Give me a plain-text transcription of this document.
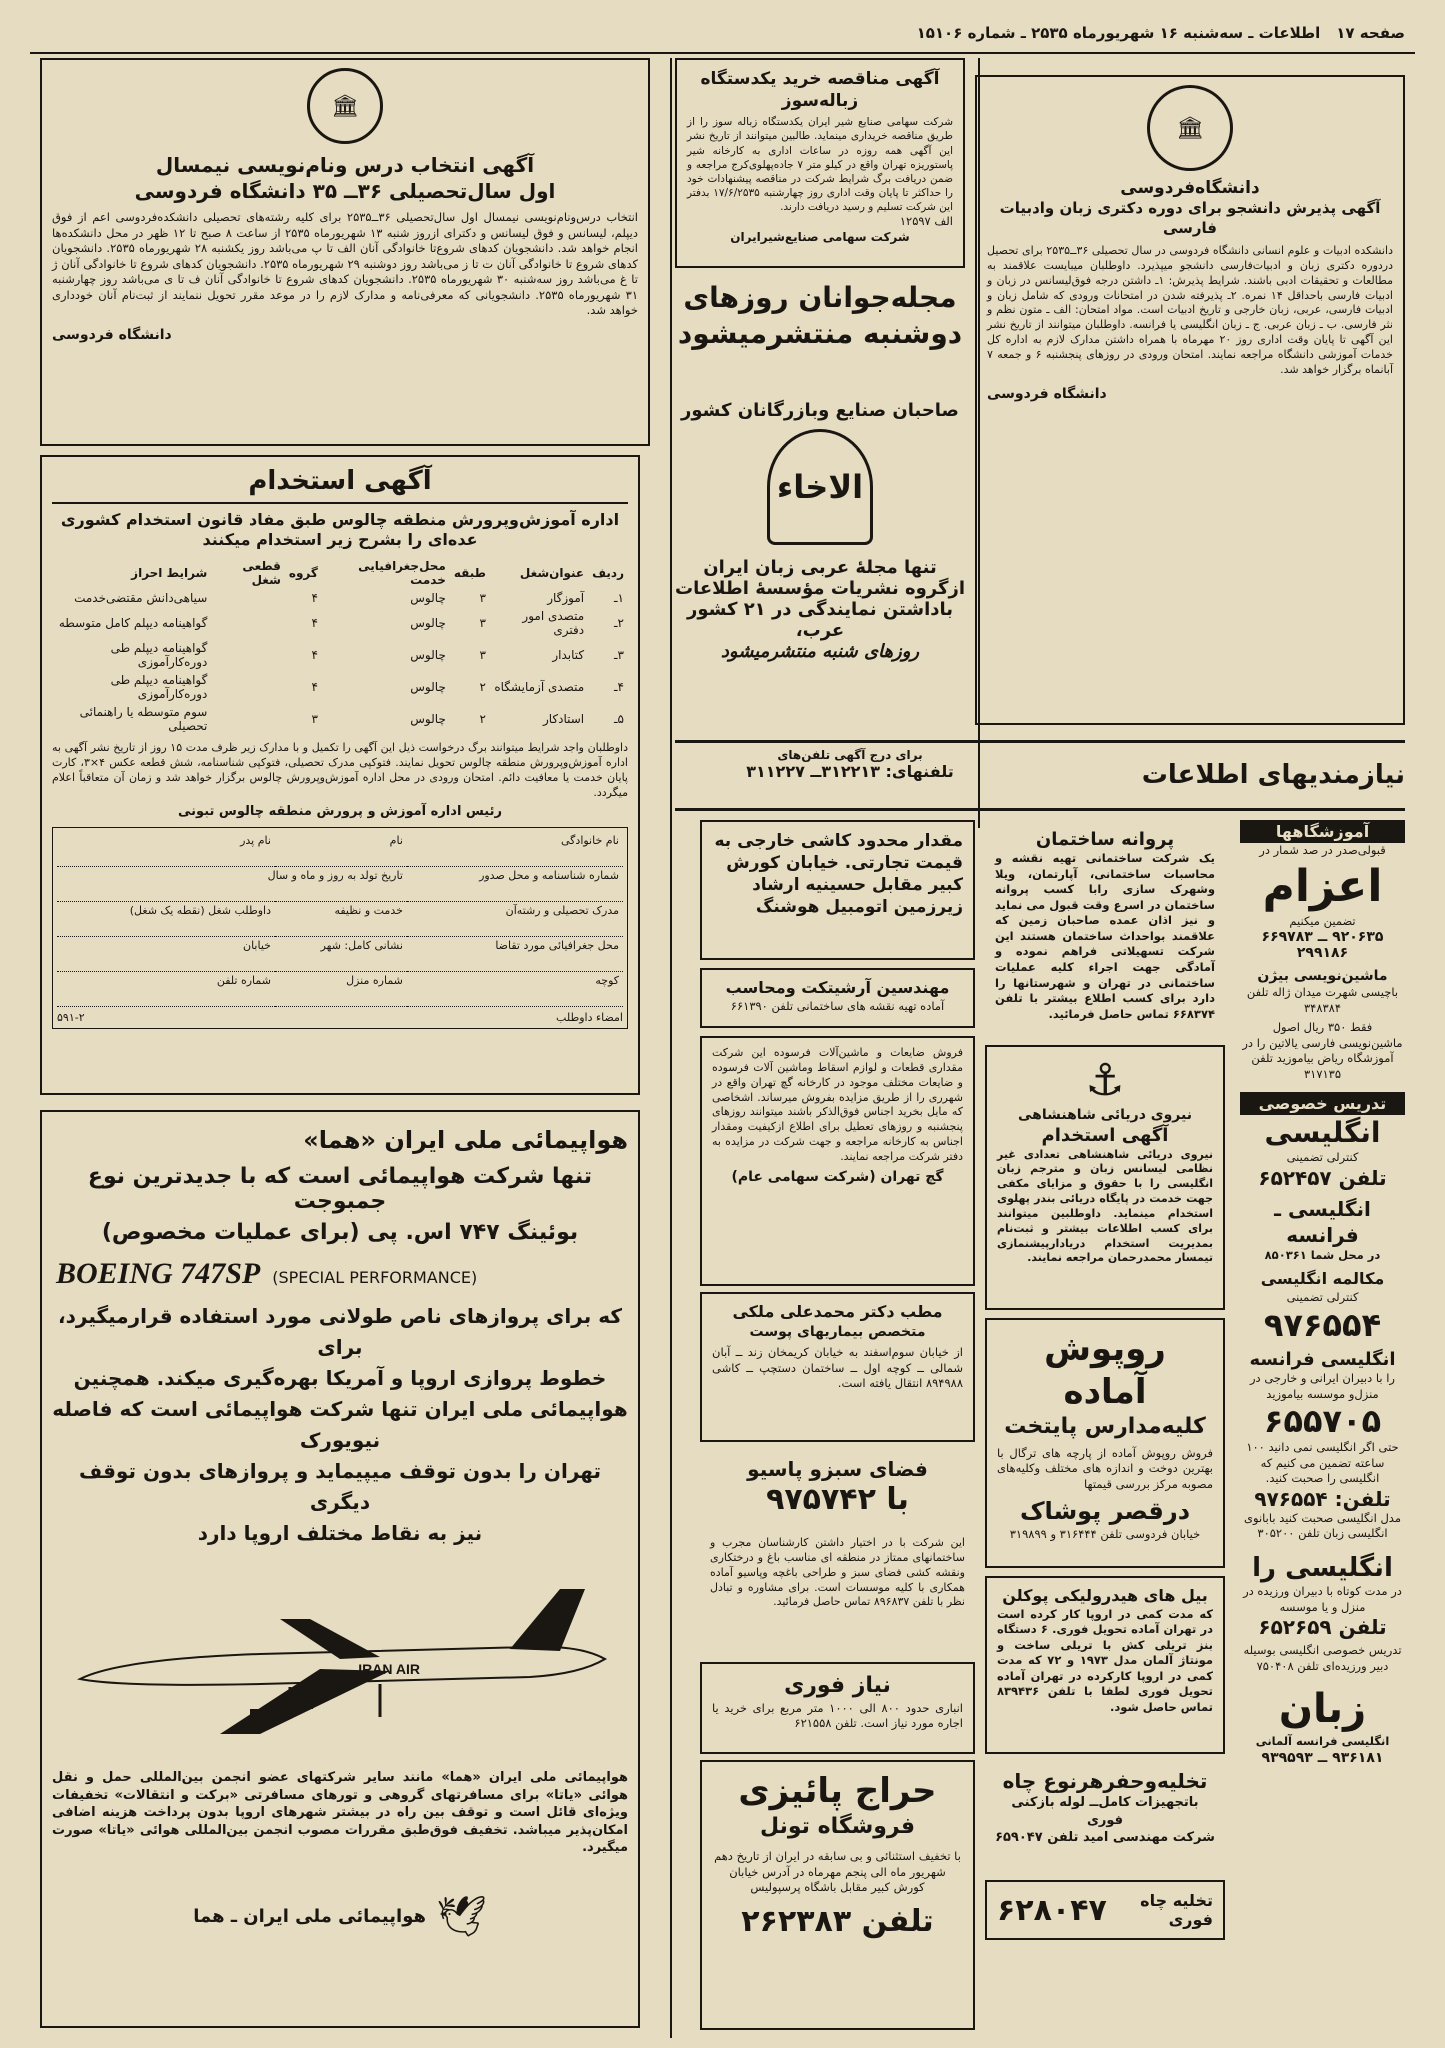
صفحه ۱۷
اطلاعات ـ سه‌شنبه ۱۶ شهریورماه ۲۵۳۵ ـ شماره ۱۵۱۰۶
🏛
آگهی انتخاب درس ونام‌نویسی نیمسال
اول سال‌تحصیلی ۳۶ــ ۳۵ دانشگاه فردوسی
انتخاب درس‌ونام‌نویسی نیمسال اول سال‌تحصیلی ۳۶ــ۲۵۳۵ برای کلیه رشته‌های تحصیلی دانشکده‌فردوسی اعم از فوق دیپلم، لیسانس و فوق لیسانس و دکترای ازروز شنبه ۱۳ شهریورماه ۲۵۳۵ از ساعت ۸ صبح تا ۱۲ ظهر در محل دانشکده‌ها انجام خواهد شد. دانشجویان کدهای شروع‌تا خانوادگی آنان الف تا پ می‌باشد روز یکشنبه ۲۸ شهریورماه ۲۵۳۵. دانشجویان کدهای شروع تا خانوادگی آنان ت تا ز می‌باشد روز دوشنبه ۲۹ شهریورماه ۲۵۳۵. دانشجویان کدهای شروع تا خانوادگی آنان ژ تا غ می‌باشد روز سه‌شنبه ۳۰ شهریورماه ۲۵۳۵. دانشجویان کدهای شروع تا خانوادگی آنان ف تا ی می‌باشد روز چهارشنبه ۳۱ شهریورماه ۲۵۳۵. دانشجویانی که معرفی‌نامه و مدارک لازم را در موعد مقرر تحویل ننمایند از ثبت‌نام آنان خودداری خواهد شد.
دانشگاه فردوسی
آگهی مناقصه خرید یکدستگاه
زباله‌سوز
شرکت سهامی صنایع شیر ایران یکدستگاه زباله سوز را از طریق مناقصه خریداری مینماید. طالبین میتوانند از تاریخ نشر این آگهی همه روزه در ساعات اداری به کارخانه شیر پاستوریزه تهران واقع در کیلو متر ۷ جاده‌پهلوی‌کرج مراجعه و ضمن دریافت برگ شرایط شرکت در مناقصه پیشنهادات خود را حداکثر تا پایان وقت اداری روز چهارشنبه ۱۷/۶/۲۵۳۵ بدفتر این شرکت تسلیم و رسید دریافت دارند.
الف ۱۲۵۹۷
شرکت سهامی صنایع‌شیرایران
مجله‌جوانان روزهای
دوشنبه منتشرمیشود
صاحبان صنایع وبازرگانان کشور
الاخاء
تنها مجلهٔ عربی زبان ایران
ازگروه نشریات مؤسسهٔ اطلاعات
باداشتن نمایندگی در ۲۱ کشور عرب،
روزهای شنبه منتشرمیشود
🏛
دانشگاه‌فردوسی
آگهی پذیرش دانشجو برای دوره دکتری زبان وادبیات فارسی
دانشکده ادبیات و علوم انسانی دانشگاه فردوسی در سال تحصیلی ۳۶ــ۲۵۳۵ برای تحصیل دردوره دکتری زبان و ادبیات‌فارسی دانشجو میپذیرد. داوطلبان میبایست علاقمند به مطالعات و تحقیقات ادبی باشند. شرایط پذیرش: ۱ـ داشتن درجه فوق‌لیسانس در زبان و ادبیات فارسی باحداقل ۱۴ نمره. ۲ـ پذیرفته شدن در امتحانات ورودی که شامل زبان و ادبیات فارسی، عربی، زبان خارجی و تاریخ ادبیات است. مواد امتحان: الف ـ متون نظم و نثر فارسی. ب ـ زبان عربی. ج ـ زبان انگلیسی یا فرانسه. داوطلبان میتوانند از تاریخ نشر این آگهی تا پایان وقت اداری روز ۲۰ مهرماه با همراه داشتن مدارک لازم به اداره کل خدمات آموزشی دانشگاه مراجعه نمایند. امتحان ورودی در روزهای پنجشنبه ۶ و جمعه ۷ آبانماه برگزار خواهد شد.
دانشگاه فردوسی
آگهی استخدام
اداره آموزش‌وپرورش منطقه چالوس طبق مفاد قانون استخدام کشوری عده‌ای را بشرح زیر استخدام میکنند
ردیف	عنوان‌شغل	طبقه	محل‌جغرافیایی خدمت	گروه	قطعی شغل	شرایط احراز
۱ـ	آموزگار	۳	چالوس	۴		سیاهی‌دانش‌ مقتضی‌خدمت
۲ـ	متصدی امور دفتری	۳	چالوس	۴		گواهینامه دیپلم کامل متوسطه
۳ـ	کتابدار	۳	چالوس	۴		گواهینامه دیپلم طی دوره‌کارآموزی
۴ـ	متصدی آزمایشگاه	۲	چالوس	۴		گواهینامه دیپلم طی دوره‌کارآموزی
۵ـ	استادکار	۲	چالوس	۳		سوم متوسطه یا راهنمائی تحصیلی
داوطلبان واجد شرایط میتوانند برگ درخواست ذیل این آگهی را تکمیل و با مدارک زیر ظرف مدت ۱۵ روز از تاریخ نشر آگهی به اداره آموزش‌وپرورش منطقه چالوس تحویل نمایند. فتوکپی مدرک تحصیلی، فتوکپی شناسنامه، شش قطعه عکس ۴×۳، کارت پایان خدمت یا معافیت دائم. امتحان ورودی در محل اداره آموزش‌وپرورش چالوس برگزار خواهد شد و زمان آن متعاقباً اعلام میگردد.
رئیس اداره آموزش و پرورش منطقه چالوس تبونی
نام خانوادگی	نام	نام پدر
شماره شناسنامه و محل صدور	تاریخ تولد به روز و ماه و سال	
مدرک تحصیلی و رشته‌آن	خدمت و نظیفه	داوطلب شغل (نقطه یک شغل)
محل جغرافیائی مورد تقاضا	نشانی کامل: شهر	خیابان
کوچه	شماره منزل	شماره تلفن
امضاء داوطلب
۵۹۱-۲
هواپیمائی ملی ایران «هما»
تنها شرکت هواپیمائی است که با جدیدترین نوع جمبوجت
بوئینگ ۷۴۷ اس. پی (برای عملیات مخصوص)
BOEING 747SP (SPECIAL PERFORMANCE)
که برای پروازهای ناص طولانی مورد استفاده قرارمیگیرد، برای
خطوط پروازی اروپا و آمریکا بهره‌گیری میکند. همچنین
هواپیمائی ملی ایران تنها شرکت هواپیمائی است که فاصله نیویورک
تهران را بدون توقف میپیماید و پروازهای بدون توقف دیگری
نیز به نقاط مختلف اروپا دارد
IRAN AIR
هواپیمائی ملی ایران «هما» مانند سایر شرکتهای عضو انجمن بین‌المللی حمل و نقل هوائی «یاتا» برای مسافرتهای گروهی و تورهای مسافرتی «برکت و انتقالات» تخفیفات ویژه‌ای قائل است و توقف بین راه در بیشتر شهرهای اروپا بدون پرداخت هزینه اضافی امکان‌پذیر میباشد. تخفیف فوق‌طبق مقررات مصوب انجمن بین‌المللی هوائی «یاتا» صورت میگیرد.
🕊
هواپیمائی ملی ایران ـ هما
برای درج آگهی تلفن‌های
تلفنهای: ۳۱۲۲۱۳ــ ۳۱۱۲۲۷	نیازمندیهای اطلاعات
مقدار محدود کاشی خارجی به قیمت تجارتی. خیابان کورش کبیر مقابل حسینیه ارشاد زیرزمین اتومبیل هوشنگ
مهندسین آرشیتکت ومحاسب
آماده تهیه نقشه های ساختمانی تلفن ۶۶۱۳۹۰
فروش ضایعات و ماشین‌آلات فرسوده این شرکت مقداری قطعات و لوازم اسقاط وماشین آلات فرسوده و ضایعات مختلف موجود در کارخانه گچ تهران واقع در شهرری را از طریق مزایده بفروش میرساند. اشخاصی که مایل بخرید اجناس فوق‌الذکر باشند میتوانند روزهای پنجشنبه و روزهای تعطیل برای اطلاع ازکیفیت ومقدار اجناس به کارخانه مراجعه و جهت شرکت در مزایده به دفتر شرکت مراجعه نمایند.
گچ تهران (شرکت سهامی عام)
مطب دکتر محمدعلی ملکی
متخصص بیماریهای پوست
از خیابان سوم‌اسفند به خیابان کریمخان زند ــ آبان شمالی ــ کوچه اول ــ ساختمان دستچپ ــ کاشی ۸۹۴۹۸۸ انتقال یافته است.
فضای سبزو پاسیو
با ۹۷۵۷۴۲
این شرکت با در اختیار داشتن کارشناسان مجرب و ساختمانهای ممتاز در منطقه ای مناسب باغ و درختکاری ونقشه کشی فضای سبز و طراحی باغچه وپاسیو آماده همکاری با کلیه موسسات است. برای مشاوره و تبادل نظر با تلفن ۸۹۶۸۳۷ تماس حاصل فرمائید.
نیاز فوری
انباری حدود ۸۰۰ الی ۱۰۰۰ متر مربع برای خرید یا اجاره مورد نیاز است. تلفن ۶۲۱۵۵۸
حراج پائیزی
فروشگاه تونل
با تخفیف استثنائی و بی سابقه در ایران از تاریخ دهم شهریور ماه الی پنجم مهرماه در آدرس خیابان کورش کبیر مقابل باشگاه پرسپولیس
تلفن ۲۶۲۳۸۳
پروانه ساختمان
یک شرکت ساختمانی تهیه نقشه و محاسبات ساختمانی، آپارتمان، ویلا وشهرک سازی رابا کسب پروانه ساختمان در اسرع وقت قبول می نماید و نیز اذان عمده صاحبان زمین که علاقمند بواحداث ساختمان هستند این شرکت تسهیلاتی فراهم نموده و آمادگی جهت اجراء کلیه عملیات ساختمانی در تهران و شهرستانها را دارد برای کسب اطلاع بیشتر با تلفن ۶۶۸۳۷۴ تماس حاصل فرمائید.
⚓
نیروی دریائی شاهنشاهی
آگهی استخدام
نیروی دریائی شاهنشاهی تعدادی غیر نظامی لیسانس زبان و مترجم زبان انگلیسی را با حقوق و مزایای مکفی جهت خدمت در پایگاه دریائی بندر پهلوی استخدام مینماید. داوطلبین میتوانند برای کسب اطلاعات بیشتر و ثبت‌نام بمدیریت استخدام دریادار‌پیشنمازی تیمسار محمدرحمان مراجعه نمایند.
روپوش آماده
کلیه‌مدارس پایتخت
فروش روپوش آماده از پارچه های ترگال با بهترین دوخت و اندازه های مختلف وکلیه‌های مصوبه مرکز بررسی قیمتها
درقصر پوشاک
خیابان فردوسی تلفن ۳۱۶۴۴۴ و ۳۱۹۸۹۹
بیل های هیدرولیکی پوکلن
که مدت کمی در اروپا کار کرده است در تهران آماده تحویل فوری. ۶ دستگاه بنز تریلی کش با تریلی ساخت و مونتاژ آلمان مدل ۱۹۷۳ و ۷۲ که مدت کمی در اروپا کارکرده در تهران آماده تحویل فوری لطفا با تلفن ۸۳۹۴۳۶ تماس حاصل شود.
تخلیه‌وحفرهرنوع چاه
باتجهیزات کامل‌ــ لوله بازکنی فوری
شرکت مهندسی امید تلفن ۶۵۹۰۴۷
تخلیه چاه فوری
۶۲۸۰۴۷
آموزشگاهها
قبولی‌صدر در صد شمار در
اعزام
تضمین میکنیم
۹۲۰۶۳۵ ــ ۶۶۹۷۸۳
۲۹۹۱۸۶
ماشین‌نویسی بیژن
باچیسی شهرت میدان ژاله تلفن ۳۴۸۳۸۴
فقط ۳۵۰ ریال اصول ماشین‌نویسی فارسی یالاتین را در آموزشگاه ریاض بیاموزید تلفن ۳۱۷۱۳۵
تدریس خصوصی
انگلیسی
کنترلی تضمینی
تلفن ۶۵۲۴۵۷
انگلیسی ـ فرانسه
در محل شما ۸۵۰۳۶۱
مکالمه انگلیسی
کنترلی تضمینی
۹۷۶۵۵۴
انگلیسی فرانسه
را با دبیران ایرانی و خارجی در منزل‌و موسسه بیاموزید
۶۵۵۷۰۵
حتی اگر انگلیسی نمی دانید ۱۰۰ ساعته تضمین می کنیم که انگلیسی را صحبت کنید.
تلفن: ۹۷۶۵۵۴
مدل انگلیسی صحبت کنید بابانوی انگلیسی زبان تلفن ۳۰۵۲۰۰
انگلیسی را
در مدت کوتاه با دبیران ورزیده در منزل و یا موسسه
تلفن ۶۵۲۶۵۹
تدریس خصوصی انگلیسی بوسیله دبیر ورزیده‌ای تلفن ۷۵۰۴۰۸
زبان
انگلیسی فرانسه آلمانی
۹۳۶۱۸۱ ــ ۹۳۹۵۹۳
